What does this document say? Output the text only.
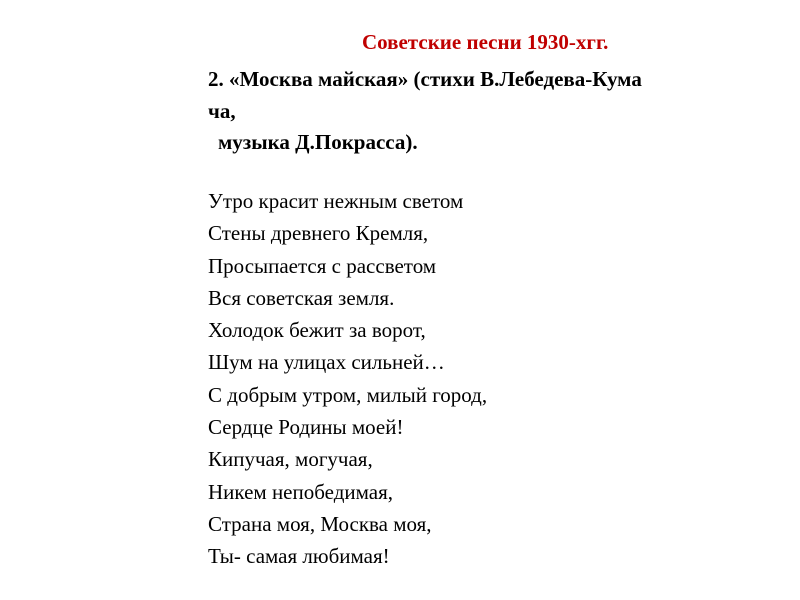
Советские песни 1930-хгг.
2. «Москва майская» (стихи В.Лебедева-Кума
ча,
музыка Д.Покрасса).
Утро красит нежным светом
Стены древнего Кремля,
Просыпается с рассветом
Вся советская земля.
Холодок бежит за ворот,
Шум на улицах сильней…
С добрым утром, милый город,
Сердце Родины моей!
Кипучая, могучая,
Никем непобедимая,
Страна моя, Москва моя,
Ты- самая любимая!
